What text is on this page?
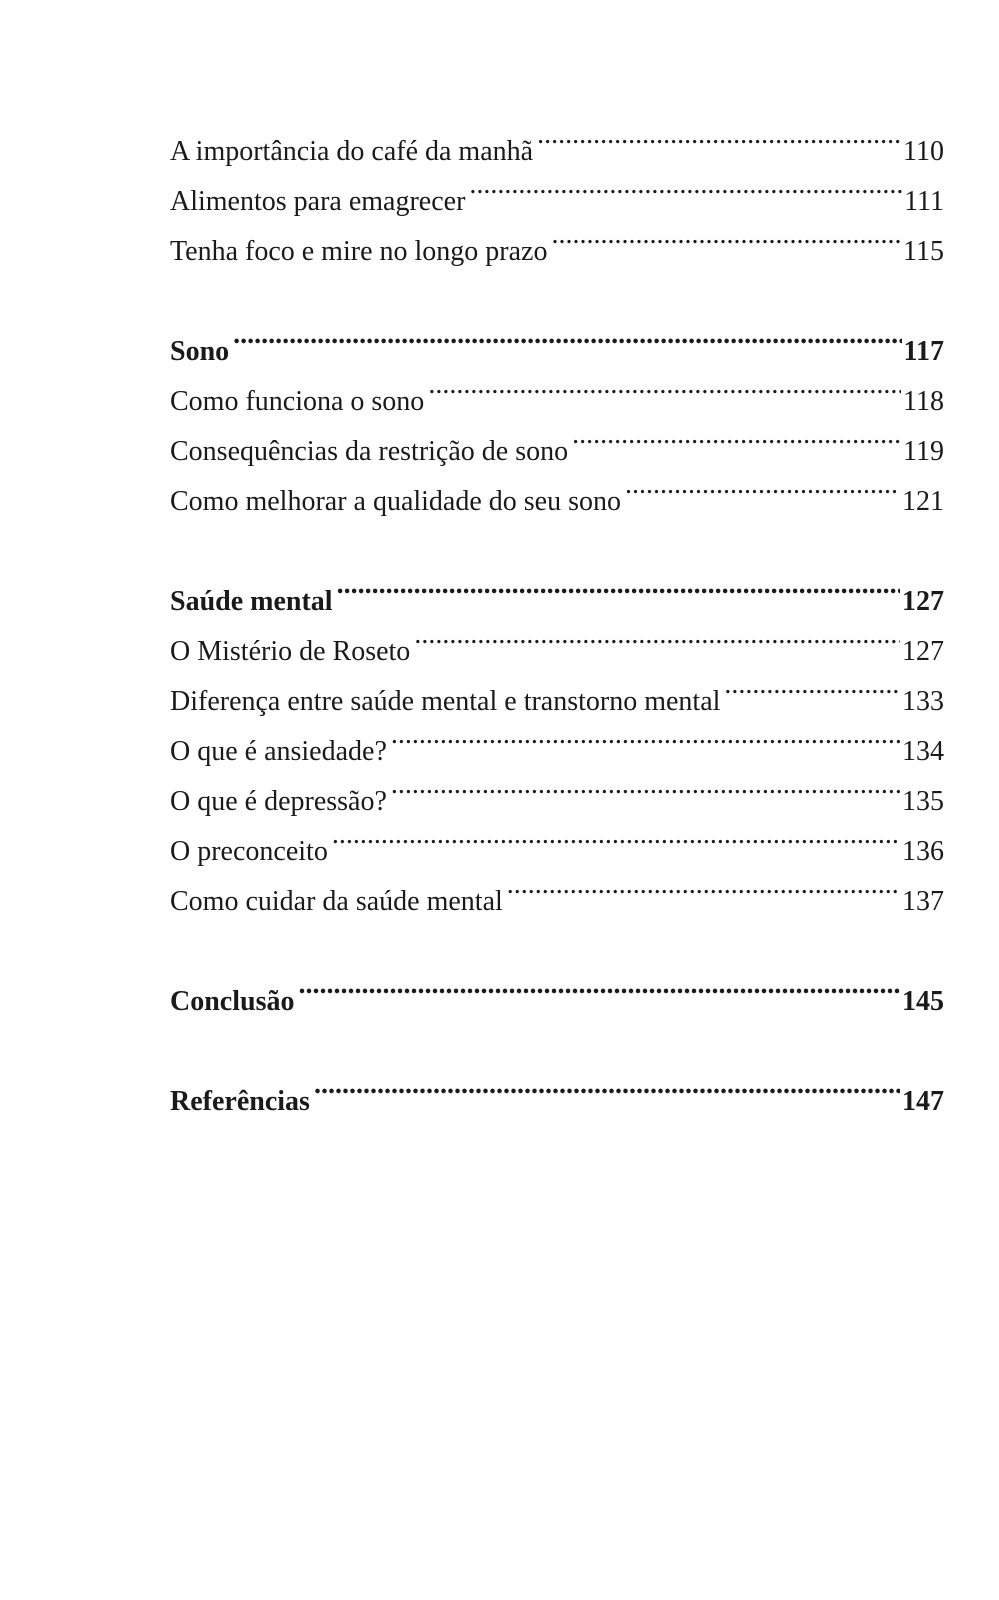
A importância do café da manhã .....	110
Alimentos para emagrecer .....	111
Tenha foco e mire no longo prazo .....	115
Sono .....	117
Como funciona o sono .....	118
Consequências da restrição de sono .....	119
Como melhorar a qualidade do seu sono .....	121
Saúde mental .....	127
O Mistério de Roseto .....	127
Diferença entre saúde mental e transtorno mental .....	133
O que é ansiedade? .....	134
O que é depressão? .....	135
O preconceito .....	136
Como cuidar da saúde mental .....	137
Conclusão .....	145
Referências .....	147
